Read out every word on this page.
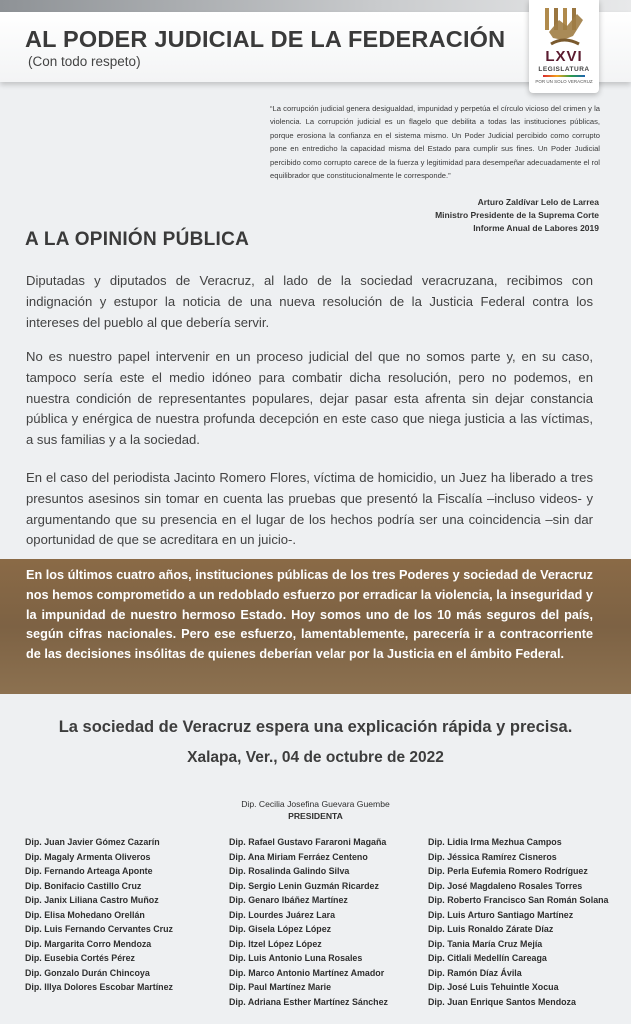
AL PODER JUDICIAL DE LA FEDERACIÓN
(Con todo respeto)	LXVI
LEGISLATURA
POR UN SOLO VERACRUZ

“La corrupción judicial genera desigualdad, impunidad y perpetúa el círculo vicioso del crimen y la violencia. La corrupción judicial es un flagelo que debilita a todas las instituciones públicas, porque erosiona la confianza en el sistema mismo. Un Poder Judicial percibido como corrupto pone en entredicho la capacidad misma del Estado para cumplir sus fines. Un Poder Judicial percibido como corrupto carece de la fuerza y legitimidad para desempeñar adecuadamente el rol equilibrador que constitucionalmente le corresponde.”

Arturo Zaldívar Lelo de Larrea
Ministro Presidente de la Suprema Corte
Informe Anual de Labores 2019
A LA OPINIÓN PÚBLICA

Diputadas y diputados de Veracruz, al lado de la sociedad veracruzana, recibimos con indignación y estupor la noticia de una nueva resolución de la Justicia Federal contra los intereses del pueblo al que debería servir.

No es nuestro papel intervenir en un proceso judicial del que no somos parte y, en su caso, tampoco sería este el medio idóneo para combatir dicha resolución, pero no podemos, en nuestra condición de representantes populares, dejar pasar esta afrenta sin dejar constancia pública y enérgica de nuestra profunda decepción en este caso que niega justicia a las víctimas, a sus familias y a la sociedad.

En el caso del periodista Jacinto Romero Flores, víctima de homicidio, un Juez ha liberado a tres presuntos asesinos sin tomar en cuenta las pruebas que presentó la Fiscalía –incluso videos- y argumentando que su presencia en el lugar de los hechos podría ser una coincidencia –sin dar oportunidad de que se acreditara en un juicio-.

En los últimos cuatro años, instituciones públicas de los tres Poderes y sociedad de Veracruz nos hemos comprometido a un redoblado esfuerzo por erradicar la violencia, la inseguridad y la impunidad de nuestro hermoso Estado. Hoy somos uno de los 10 más seguros del país, según cifras nacionales. Pero ese esfuerzo, lamentablemente, parecería ir a contracorriente de las decisiones insólitas de quienes deberían velar por la Justicia en el ámbito Federal.

La sociedad de Veracruz espera una explicación rápida y precisa.

Xalapa, Ver., 04 de octubre de 2022

Dip. Cecilia Josefina Guevara Guembe
PRESIDENTA
Dip. Juan Javier Gómez Cazarín
Dip. Magaly Armenta Oliveros
Dip. Fernando Arteaga Aponte
Dip. Bonifacio Castillo Cruz
Dip. Janix Liliana Castro Muñoz
Dip. Elisa Mohedano Orellán
Dip. Luis Fernando Cervantes Cruz
Dip. Margarita Corro Mendoza
Dip. Eusebia Cortés Pérez
Dip. Gonzalo Durán Chincoya
Dip. Illya Dolores Escobar Martínez
Dip. Rafael Gustavo Fararoni Magaña
Dip. Ana Miriam Ferráez Centeno
Dip. Rosalinda Galindo Silva
Dip. Sergio Lenin Guzmán Ricardez
Dip. Genaro Ibáñez Martínez
Dip. Lourdes Juárez Lara
Dip. Gisela López López
Dip. Itzel López López
Dip. Luis Antonio Luna Rosales
Dip. Marco Antonio Martínez Amador
Dip. Paul Martínez Marie
Dip. Adriana Esther Martínez Sánchez
Dip. Lidia Irma Mezhua Campos
Dip. Jéssica Ramírez Cisneros
Dip. Perla Eufemia Romero Rodríguez
Dip. José Magdaleno Rosales Torres
Dip. Roberto Francisco San Román Solana
Dip. Luis Arturo Santiago Martínez
Dip. Luis Ronaldo Zárate Díaz
Dip. Tania María Cruz Mejía
Dip. Citlali Medellín Careaga
Dip. Ramón Díaz Ávila
Dip. José Luis Tehuintle Xocua
Dip. Juan Enrique Santos Mendoza
